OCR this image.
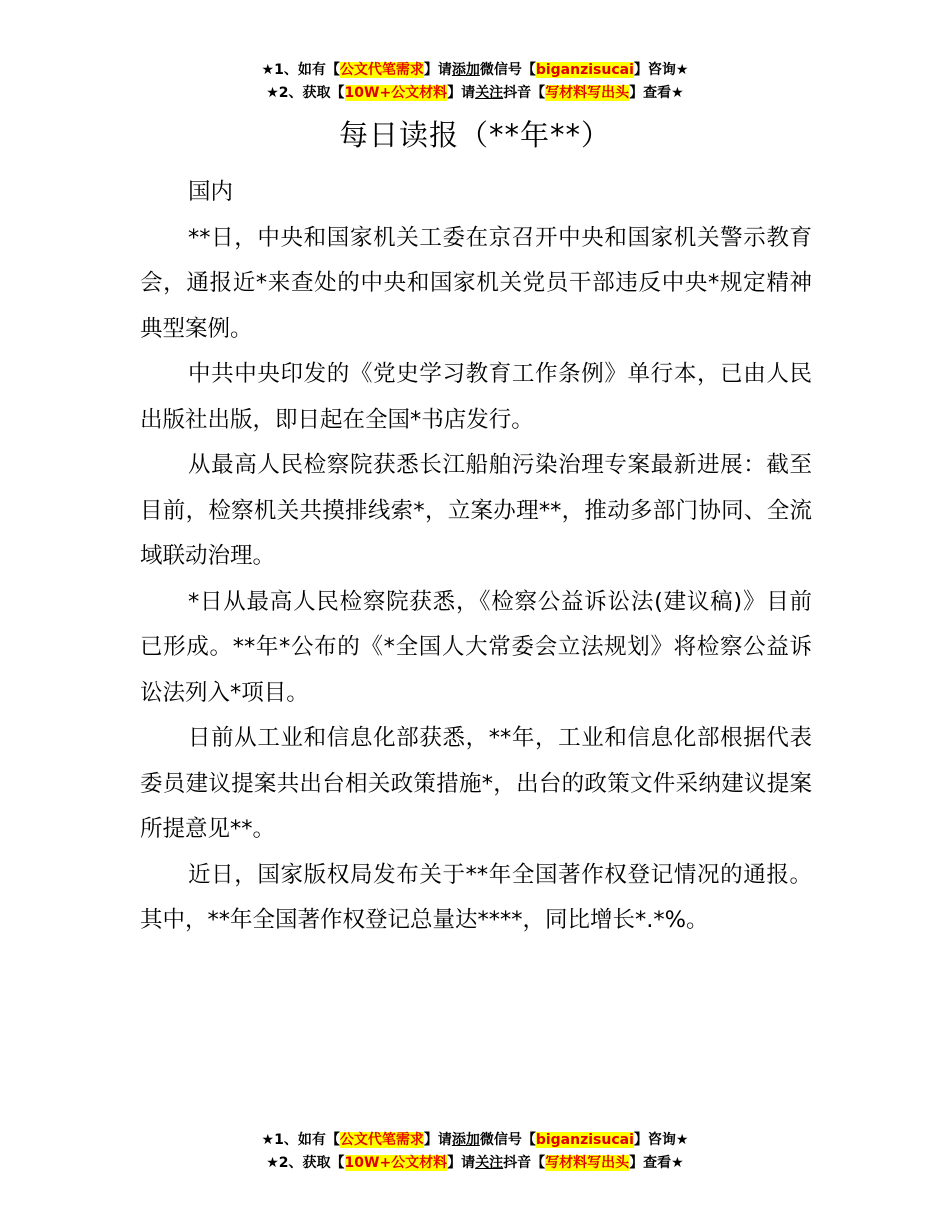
★1、如有【公文代笔需求】请添加微信号【biganzisucai】咨询★
★2、获取【10W+公文材料】请关注抖音【写材料写出头】查看★
每日读报（**年**）

国内

**日，中央和国家机关工委在京召开中央和国家机关警示教育会，通报近*来查处的中央和国家机关党员干部违反中央*规定精神典型案例。

中共中央印发的《党史学习教育工作条例》单行本，已由人民出版社出版，即日起在全国*书店发行。

从最高人民检察院获悉长江船舶污染治理专案最新进展：截至目前，检察机关共摸排线索*，立案办理**，推动多部门协同、全流域联动治理。

*日从最高人民检察院获悉，《检察公益诉讼法(建议稿)》目前已形成。**年*公布的《*全国人大常委会立法规划》将检察公益诉讼法列入*项目。

日前从工业和信息化部获悉，**年，工业和信息化部根据代表委员建议提案共出台相关政策措施*，出台的政策文件采纳建议提案所提意见**。

近日，国家版权局发布关于**年全国著作权登记情况的通报。其中，**年全国著作权登记总量达****，同比增长*.*%。

★1、如有【公文代笔需求】请添加微信号【biganzisucai】咨询★
★2、获取【10W+公文材料】请关注抖音【写材料写出头】查看★
